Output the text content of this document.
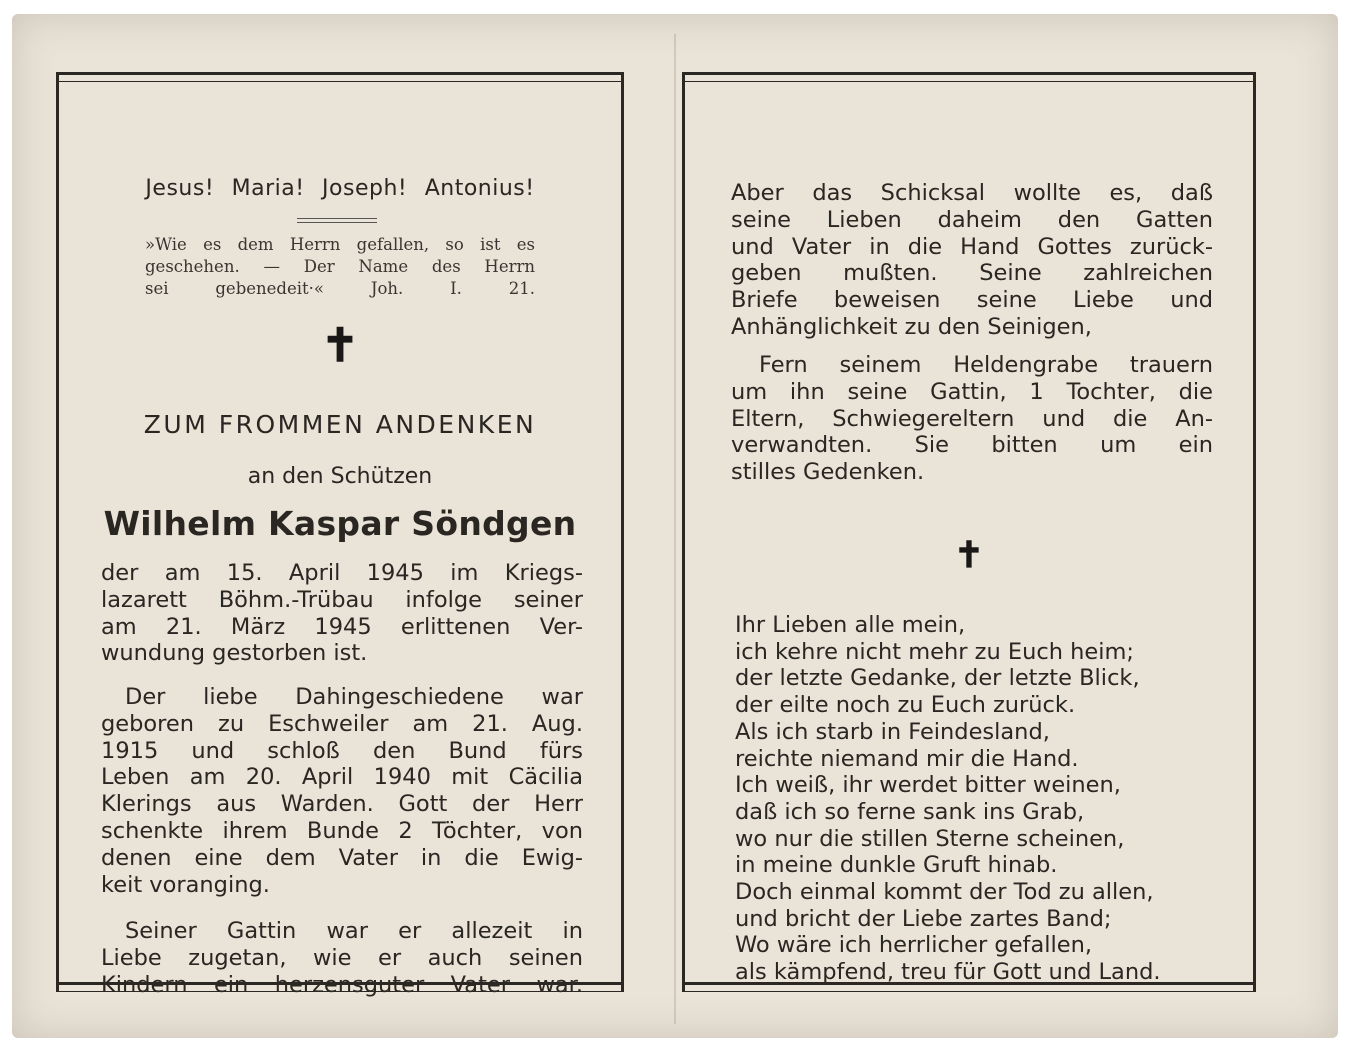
Jesus! Maria! Joseph! Antonius!
»Wie es dem Herrn gefallen, so ist es
geschehen. — Der Name des Herrn
sei gebenedeit·« Joh. I. 21.
✝
ZUM FROMMEN ANDENKEN
an den Schützen
Wilhelm Kaspar Söndgen
der am 15. April 1945 im Kriegs-
lazarett Böhm.-Trübau infolge seiner
am 21. März 1945 erlittenen Ver-
wundung gestorben ist.
Der liebe Dahingeschiedene war
geboren zu Eschweiler am 21. Aug.
1915 und schloß den Bund fürs
Leben am 20. April 1940 mit Cäcilia
Klerings aus Warden. Gott der Herr
schenkte ihrem Bunde 2 Töchter, von
denen eine dem Vater in die Ewig-
keit voranging.
Seiner Gattin war er allezeit in
Liebe zugetan, wie er auch seinen
Kindern ein herzensguter Vater war.
Aber das Schicksal wollte es, daß
seine Lieben daheim den Gatten
und Vater in die Hand Gottes zurück-
geben mußten. Seine zahlreichen
Briefe beweisen seine Liebe und
Anhänglichkeit zu den Seinigen,
Fern seinem Heldengrabe trauern
um ihn seine Gattin, 1 Tochter, die
Eltern, Schwiegereltern und die An-
verwandten. Sie bitten um ein
stilles Gedenken.
✝
Ihr Lieben alle mein,
ich kehre nicht mehr zu Euch heim;
der letzte Gedanke, der letzte Blick,
der eilte noch zu Euch zurück.
Als ich starb in Feindesland,
reichte niemand mir die Hand.
Ich weiß, ihr werdet bitter weinen,
daß ich so ferne sank ins Grab,
wo nur die stillen Sterne scheinen,
in meine dunkle Gruft hinab.
Doch einmal kommt der Tod zu allen,
und bricht der Liebe zartes Band;
Wo wäre ich herrlicher gefallen,
als kämpfend, treu für Gott und Land.
